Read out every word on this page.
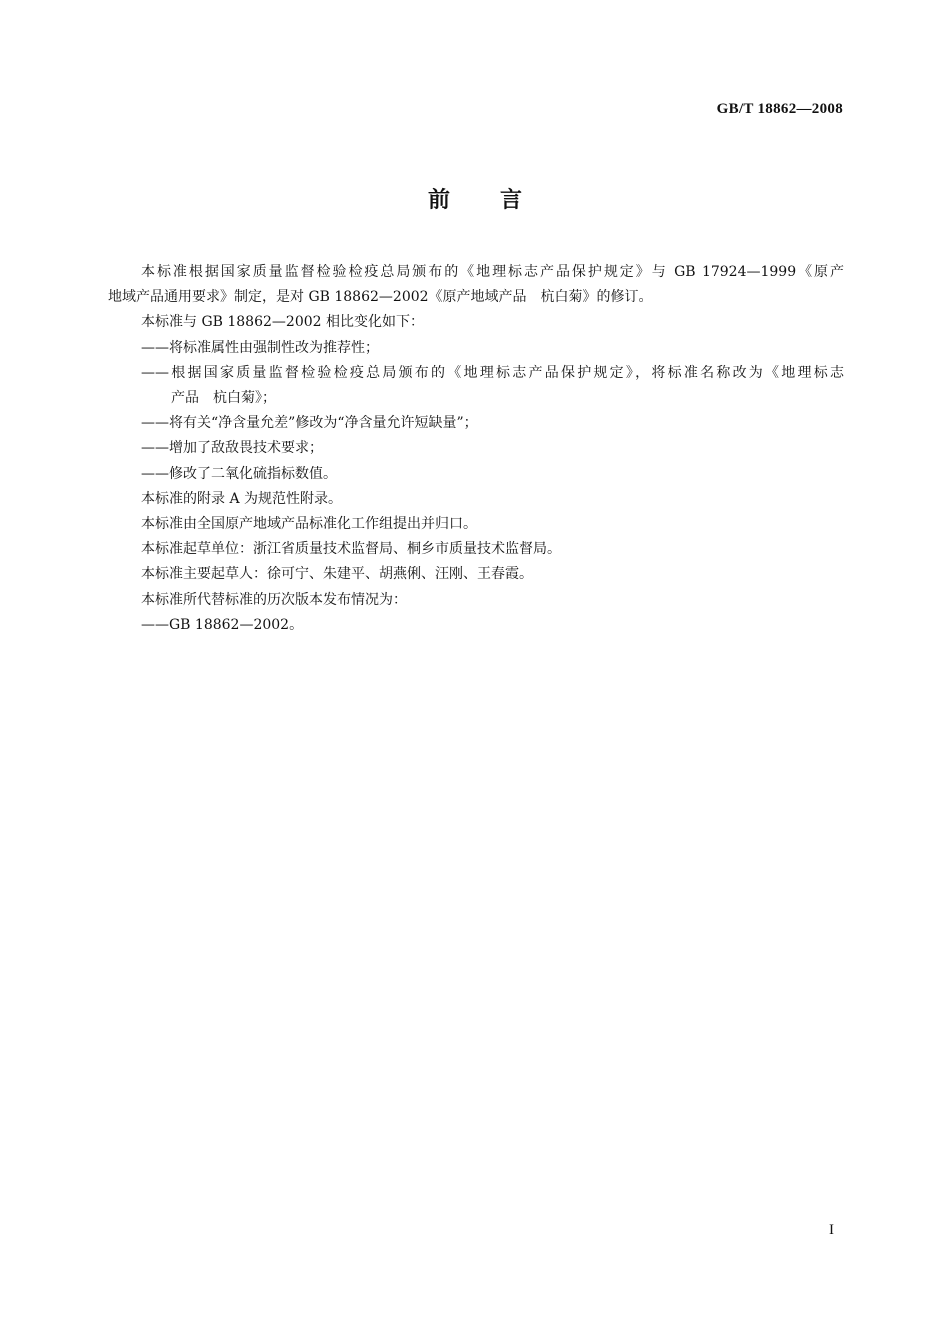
GB/T 18862—2008
前 言
本标准根据国家质量监督检验检疫总局颁布的《地理标志产品保护规定》与 GB 17924—1999《原产
地域产品通用要求》制定，是对 GB 18862—2002《原产地域产品　杭白菊》的修订。
本标准与 GB 18862—2002 相比变化如下：
——将标准属性由强制性改为推荐性；
——根据国家质量监督检验检疫总局颁布的《地理标志产品保护规定》，将标准名称改为《地理标志
产品　杭白菊》；
——将有关“净含量允差”修改为“净含量允许短缺量”；
——增加了敌敌畏技术要求；
——修改了二氧化硫指标数值。
本标准的附录 A 为规范性附录。
本标准由全国原产地域产品标准化工作组提出并归口。
本标准起草单位：浙江省质量技术监督局、桐乡市质量技术监督局。
本标准主要起草人：徐可宁、朱建平、胡燕俐、汪刚、王春霞。
本标准所代替标准的历次版本发布情况为：
——GB 18862—2002。
I
